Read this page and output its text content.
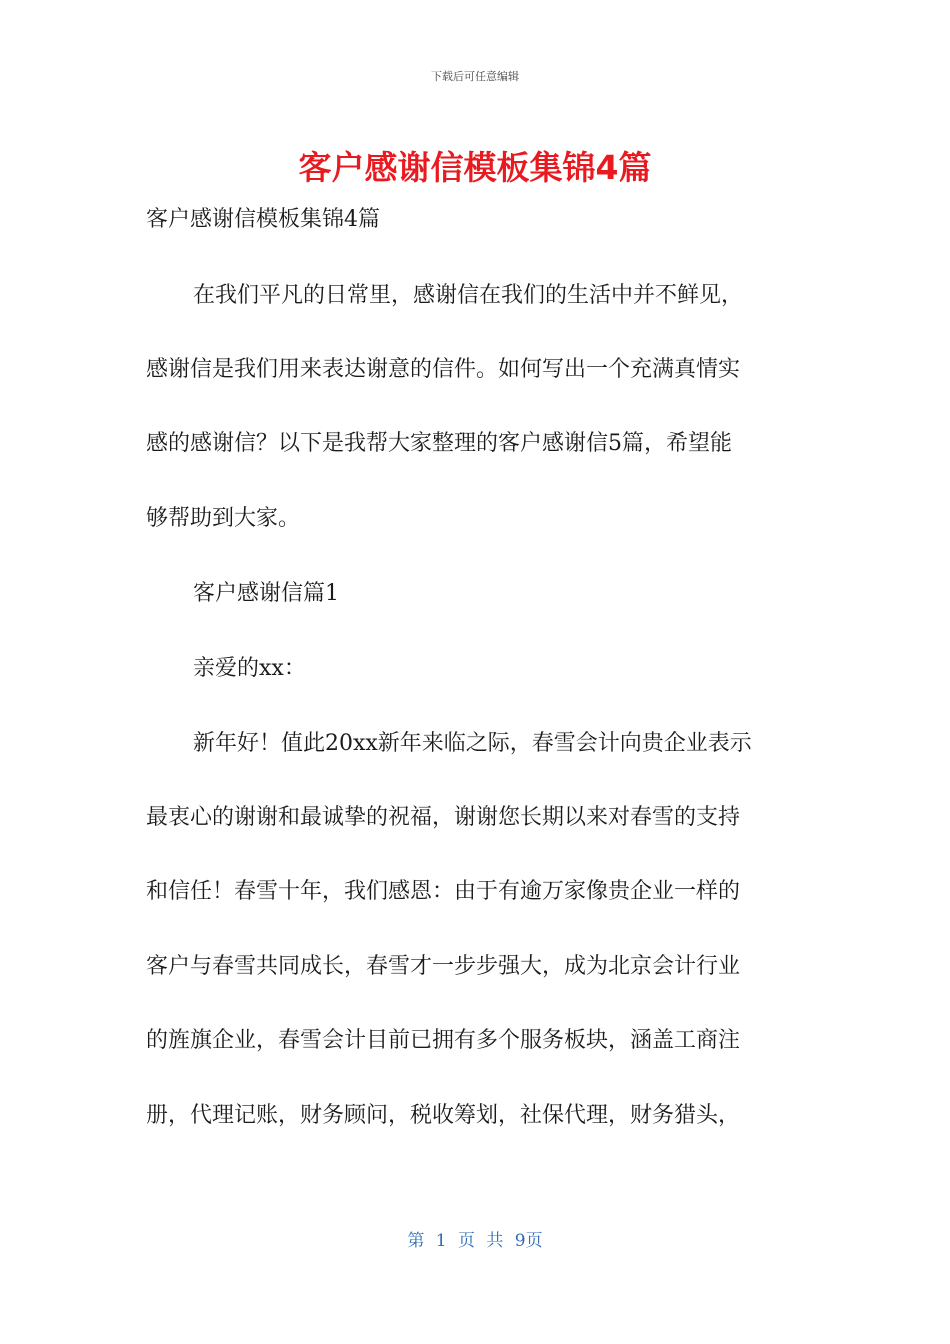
下载后可任意编辑
客户感谢信模板集锦4篇

客户感谢信模板集锦4篇

在我们平凡的日常里，感谢信在我们的生活中并不鲜见，

感谢信是我们用来表达谢意的信件。如何写出一个充满真情实

感的感谢信？以下是我帮大家整理的客户感谢信5篇，希望能

够帮助到大家。

客户感谢信篇1

亲爱的xx：

新年好！值此20xx新年来临之际，春雪会计向贵企业表示

最衷心的谢谢和最诚挚的祝福，谢谢您长期以来对春雪的支持

和信任！春雪十年，我们感恩：由于有逾万家像贵企业一样的

客户与春雪共同成长，春雪才一步步强大，成为北京会计行业

的旌旗企业，春雪会计目前已拥有多个服务板块，涵盖工商注

册，代理记账，财务顾问，税收筹划，社保代理，财务猎头，

第 1 页 共 9页
